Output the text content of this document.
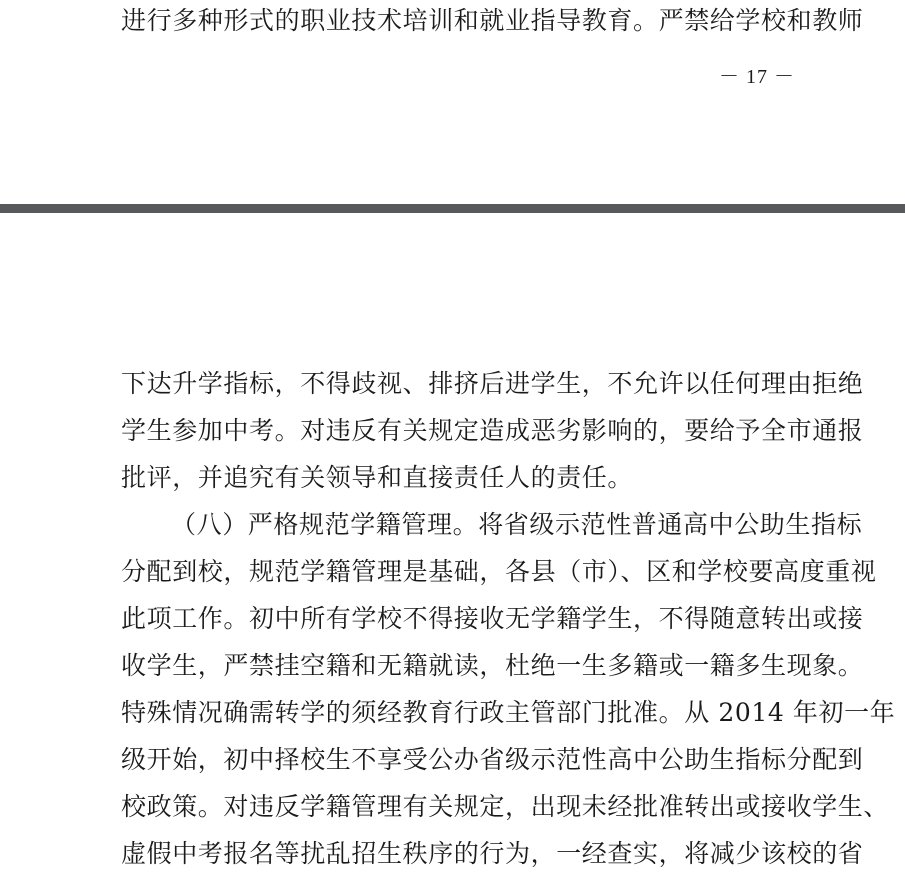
进行多种形式的职业技术培训和就业指导教育。严禁给学校和教师
－ 17 －
下达升学指标，不得歧视、排挤后进学生，不允许以任何理由拒绝
学生参加中考。对违反有关规定造成恶劣影响的，要给予全市通报
批评，并追究有关领导和直接责任人的责任。
（八）严格规范学籍管理。将省级示范性普通高中公助生指标
分配到校，规范学籍管理是基础，各县（市）、区和学校要高度重视
此项工作。初中所有学校不得接收无学籍学生，不得随意转出或接
收学生，严禁挂空籍和无籍就读，杜绝一生多籍或一籍多生现象。
特殊情况确需转学的须经教育行政主管部门批准。从 2014 年初一年
级开始，初中择校生不享受公办省级示范性高中公助生指标分配到
校政策。对违反学籍管理有关规定，出现未经批准转出或接收学生、
虚假中考报名等扰乱招生秩序的行为，一经查实，将减少该校的省
